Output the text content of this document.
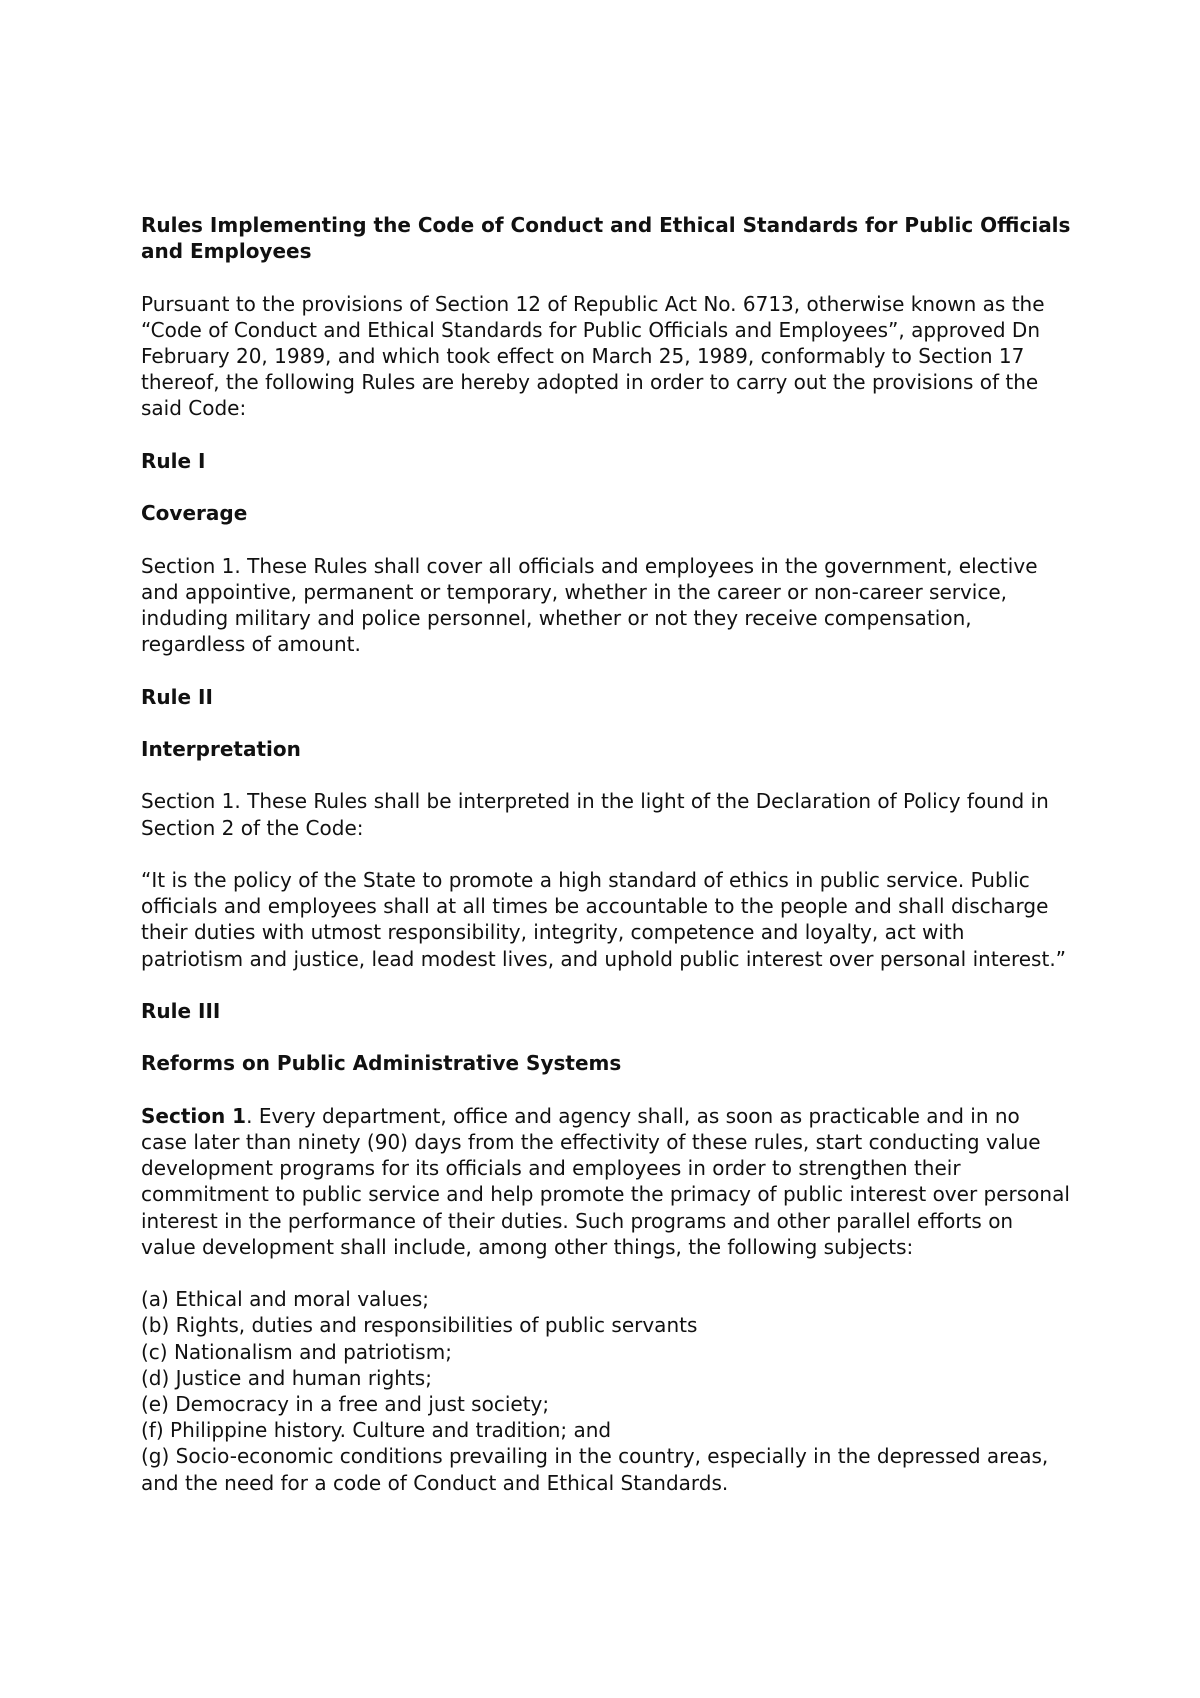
Rules Implementing the Code of Conduct and Ethical Standards for Public Officials and Employees

Pursuant to the provisions of Section 12 of Republic Act No. 6713, otherwise known as the “Code of Conduct and Ethical Standards for Public Officials and Employees”, approved Dn February 20, 1989, and which took effect on March 25, 1989, conformably to Section 17 thereof, the following Rules are hereby adopted in order to carry out the provisions of the said Code:

Rule I

Coverage

Section 1. These Rules shall cover all officials and employees in the government, elective and appointive, permanent or temporary, whether in the career or non-career service, induding military and police personnel, whether or not they receive compensation, regardless of amount.

Rule II

Interpretation

Section 1. These Rules shall be interpreted in the light of the Declaration of Policy found in Section 2 of the Code:

“It is the policy of the State to promote a high standard of ethics in public service. Public officials and employees shall at all times be accountable to the people and shall discharge their duties with utmost responsibility, integrity, competence and loyalty, act with patriotism and justice, lead modest lives, and uphold public interest over personal interest.”

Rule III

Reforms on Public Administrative Systems

Section 1. Every department, office and agency shall, as soon as practicable and in no case later than ninety (90) days from the effectivity of these rules, start conducting value development programs for its officials and employees in order to strengthen their commitment to public service and help promote the primacy of public interest over personal interest in the performance of their duties. Such programs and other parallel efforts on value development shall include, among other things, the following subjects:

(a) Ethical and moral values;
(b) Rights, duties and responsibilities of public servants
(c) Nationalism and patriotism;
(d) Justice and human rights;
(e) Democracy in a free and just society;
(f) Philippine history. Culture and tradition; and
(g) Socio-economic conditions prevailing in the country, especially in the depressed areas, and the need for a code of Conduct and Ethical Standards.
